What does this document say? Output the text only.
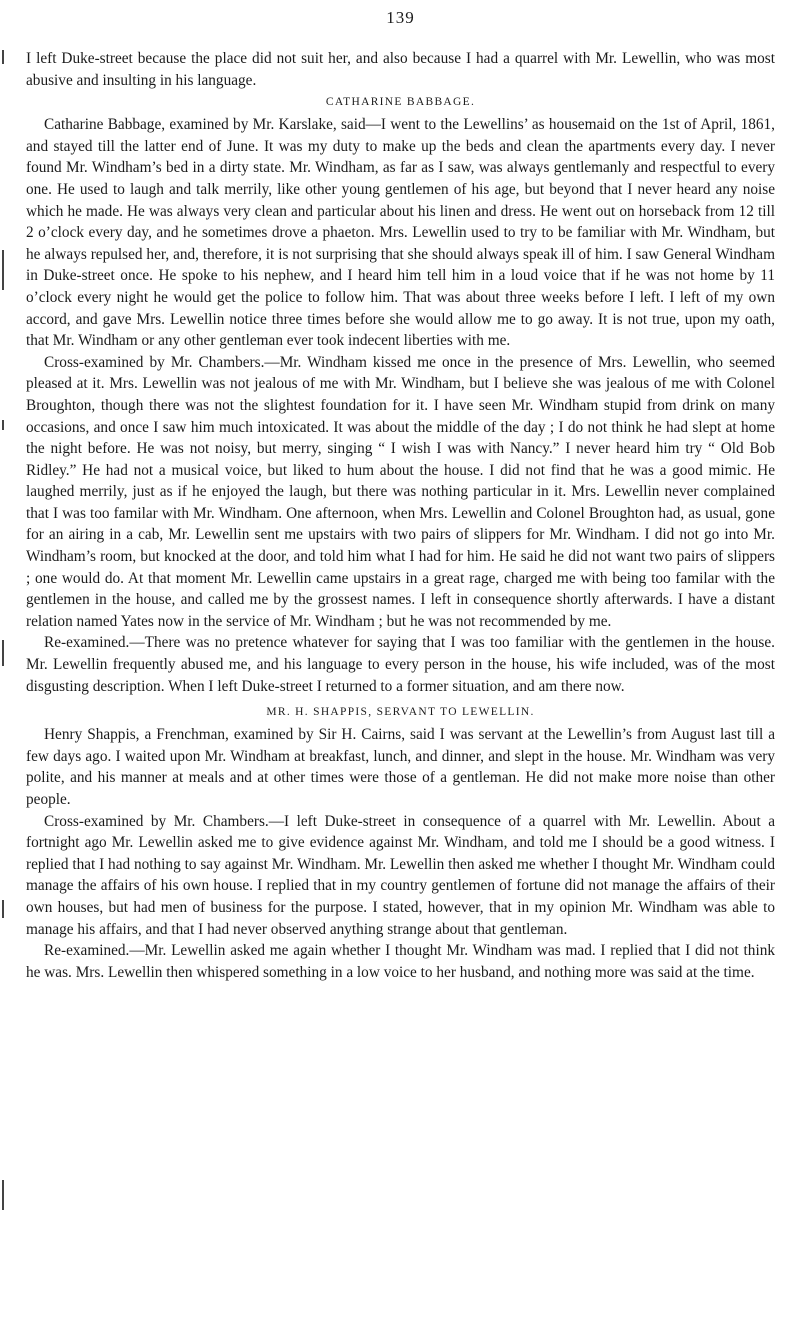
139

I left Duke-street because the place did not suit her, and also because I had a quarrel with Mr. Lewellin, who was most abusive and insulting in his language.

CATHARINE BABBAGE.

Catharine Babbage, examined by Mr. Karslake, said—I went to the Lewellins’ as housemaid on the 1st of April, 1861, and stayed till the latter end of June. It was my duty to make up the beds and clean the apartments every day. I never found Mr. Windham’s bed in a dirty state. Mr. Windham, as far as I saw, was always gentlemanly and respectful to every one. He used to laugh and talk merrily, like other young gentlemen of his age, but beyond that I never heard any noise which he made. He was always very clean and particular about his linen and dress. He went out on horseback from 12 till 2 o’clock every day, and he sometimes drove a phaeton. Mrs. Lewellin used to try to be familiar with Mr. Windham, but he always repulsed her, and, therefore, it is not surprising that she should always speak ill of him. I saw General Windham in Duke-street once. He spoke to his nephew, and I heard him tell him in a loud voice that if he was not home by 11 o’clock every night he would get the police to follow him. That was about three weeks before I left. I left of my own accord, and gave Mrs. Lewellin notice three times before she would allow me to go away. It is not true, upon my oath, that Mr. Windham or any other gentleman ever took indecent liberties with me.

Cross-examined by Mr. Chambers.—Mr. Windham kissed me once in the presence of Mrs. Lewellin, who seemed pleased at it. Mrs. Lewellin was not jealous of me with Mr. Windham, but I believe she was jealous of me with Colonel Broughton, though there was not the slightest foundation for it. I have seen Mr. Windham stupid from drink on many occasions, and once I saw him much intoxicated. It was about the middle of the day ; I do not think he had slept at home the night before. He was not noisy, but merry, singing “ I wish I was with Nancy.” I never heard him try “ Old Bob Ridley.” He had not a musical voice, but liked to hum about the house. I did not find that he was a good mimic. He laughed merrily, just as if he enjoyed the laugh, but there was nothing particular in it. Mrs. Lewellin never complained that I was too familar with Mr. Windham. One afternoon, when Mrs. Lewellin and Colonel Broughton had, as usual, gone for an airing in a cab, Mr. Lewellin sent me upstairs with two pairs of slippers for Mr. Windham. I did not go into Mr. Windham’s room, but knocked at the door, and told him what I had for him. He said he did not want two pairs of slippers ; one would do. At that moment Mr. Lewellin came upstairs in a great rage, charged me with being too familar with the gentlemen in the house, and called me by the grossest names. I left in consequence shortly afterwards. I have a distant relation named Yates now in the service of Mr. Windham ; but he was not recommended by me.

Re-examined.—There was no pretence whatever for saying that I was too familiar with the gentlemen in the house. Mr. Lewellin frequently abused me, and his language to every person in the house, his wife included, was of the most disgusting description. When I left Duke-street I returned to a former situation, and am there now.

MR. H. SHAPPIS, SERVANT TO LEWELLIN.

Henry Shappis, a Frenchman, examined by Sir H. Cairns, said I was servant at the Lewellin’s from August last till a few days ago. I waited upon Mr. Windham at breakfast, lunch, and dinner, and slept in the house. Mr. Windham was very polite, and his manner at meals and at other times were those of a gentleman. He did not make more noise than other people.

Cross-examined by Mr. Chambers.—I left Duke-street in consequence of a quarrel with Mr. Lewellin. About a fortnight ago Mr. Lewellin asked me to give evidence against Mr. Windham, and told me I should be a good witness. I replied that I had nothing to say against Mr. Windham. Mr. Lewellin then asked me whether I thought Mr. Windham could manage the affairs of his own house. I replied that in my country gentlemen of fortune did not manage the affairs of their own houses, but had men of business for the purpose. I stated, however, that in my opinion Mr. Windham was able to manage his affairs, and that I had never observed anything strange about that gentleman.

Re-examined.—Mr. Lewellin asked me again whether I thought Mr. Windham was mad. I replied that I did not think he was. Mrs. Lewellin then whispered something in a low voice to her husband, and nothing more was said at the time.
